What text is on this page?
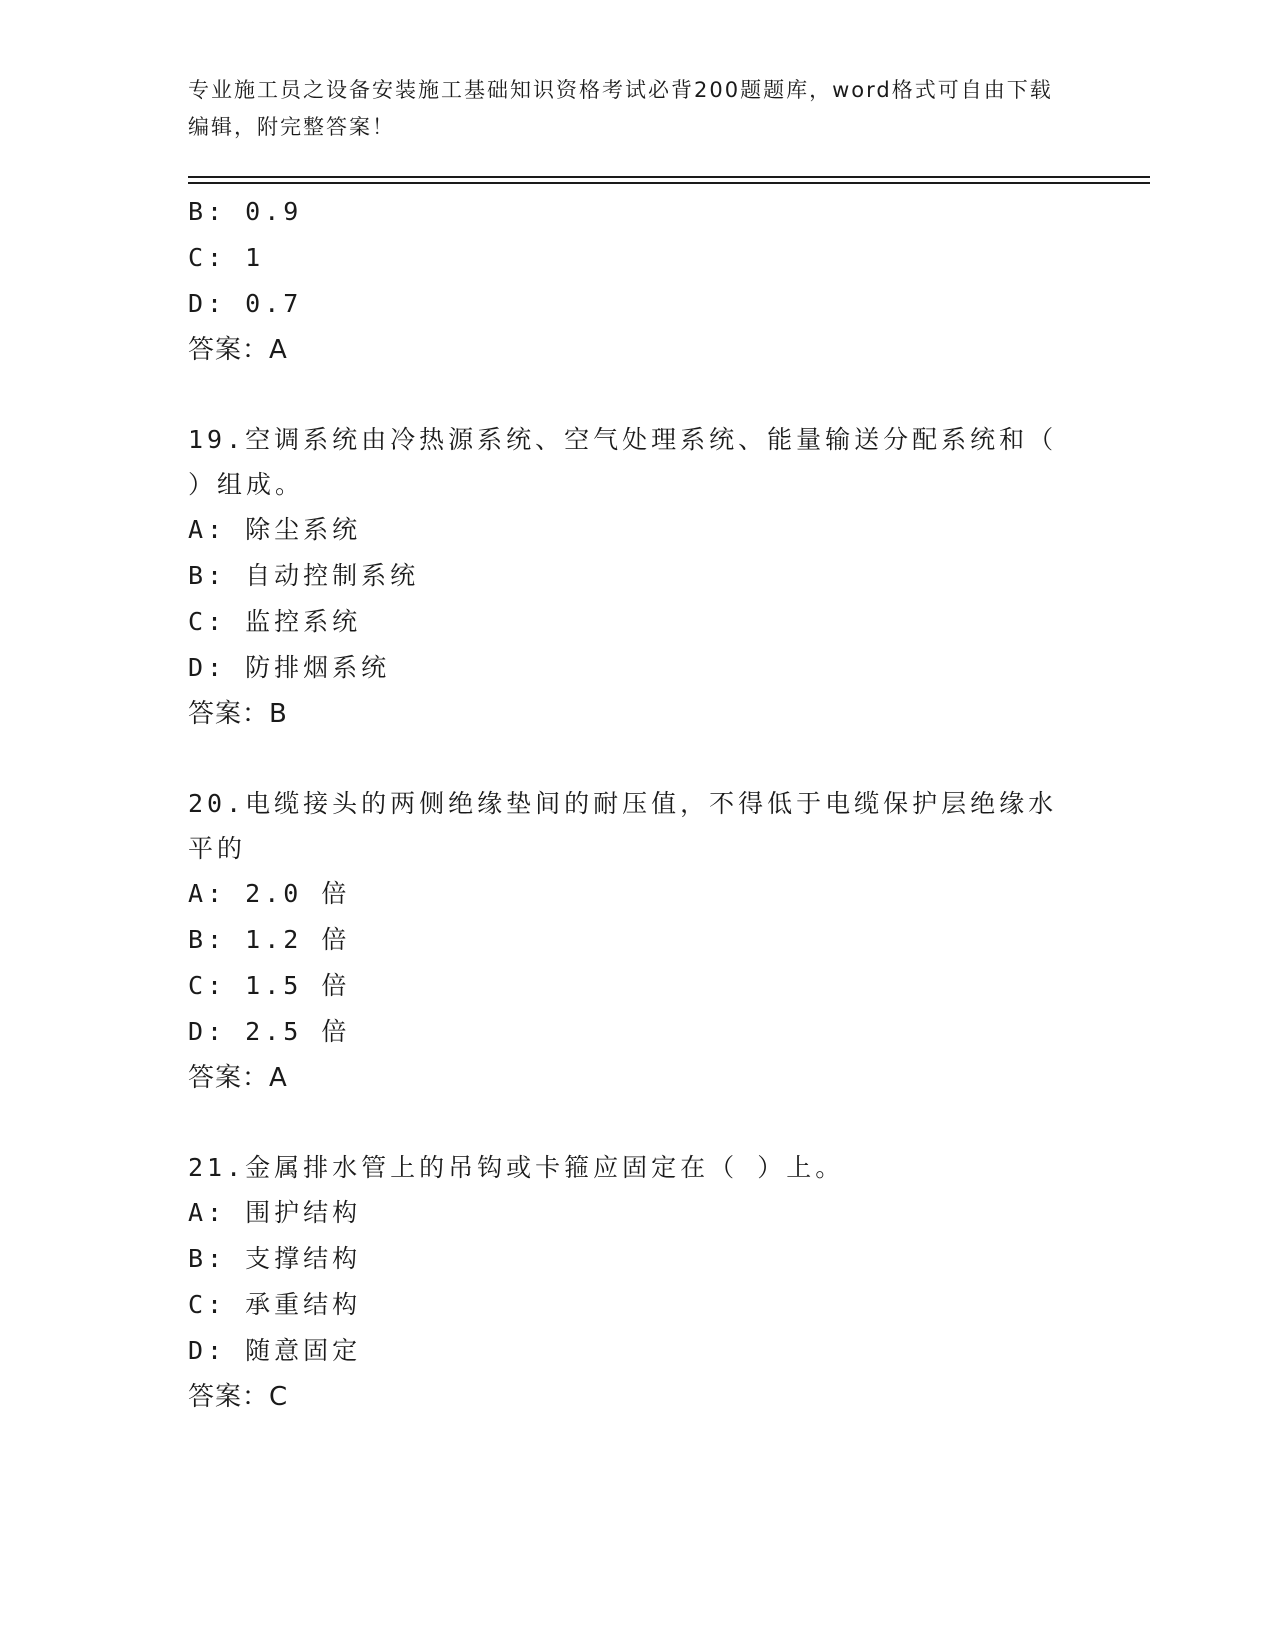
专业施工员之设备安装施工基础知识资格考试必背200题题库，word格式可自由下载编辑，附完整答案！
B: 0.9
C: 1
D: 0.7
答案：A
19.空调系统由冷热源系统、空气处理系统、能量输送分配系统和（ ）组成。
A: 除尘系统
B: 自动控制系统
C: 监控系统
D: 防排烟系统
答案：B
20.电缆接头的两侧绝缘垫间的耐压值，不得低于电缆保护层绝缘水平的
A: 2.0 倍
B: 1.2 倍
C: 1.5 倍
D: 2.5 倍
答案：A
21.金属排水管上的吊钩或卡箍应固定在（ ）上。
A: 围护结构
B: 支撑结构
C: 承重结构
D: 随意固定
答案：C
